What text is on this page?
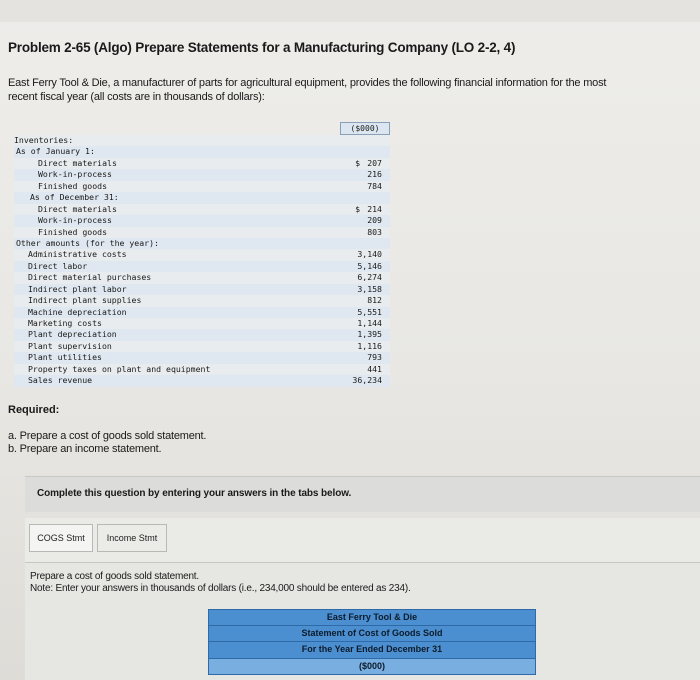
Problem 2-65 (Algo) Prepare Statements for a Manufacturing Company (LO 2-2, 4)
East Ferry Tool & Die, a manufacturer of parts for agricultural equipment, provides the following financial information for the most
recent fiscal year (all costs are in thousands of dollars):
($000)
Inventories:
As of January 1:
Direct materials	$ 207
Work-in-process	216
Finished goods	784
As of December 31:
Direct materials	$ 214
Work-in-process	209
Finished goods	803
Other amounts (for the year):
Administrative costs	3,140
Direct labor	5,146
Direct material purchases	6,274
Indirect plant labor	3,158
Indirect plant supplies	812
Machine depreciation	5,551
Marketing costs	1,144
Plant depreciation	1,395
Plant supervision	1,116
Plant utilities	793
Property taxes on plant and equipment	441
Sales revenue	36,234
Required:
a. Prepare a cost of goods sold statement.
b. Prepare an income statement.
Complete this question by entering your answers in the tabs below.
COGS Stmt	Income Stmt
Prepare a cost of goods sold statement.
Note: Enter your answers in thousands of dollars (i.e., 234,000 should be entered as 234).
East Ferry Tool & Die
Statement of Cost of Goods Sold
For the Year Ended December 31
($000)
